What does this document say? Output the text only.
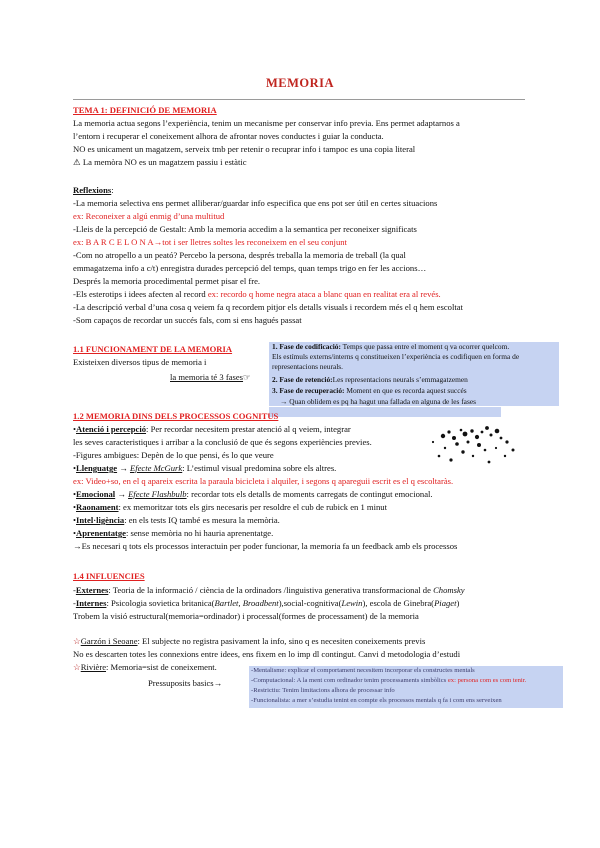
MEMORIA
TEMA 1: DEFINICIÓ DE MEMORIA
La memoria actua segons l’experiència, tenim un mecanisme per conservar info previa. Ens permet adaptarnos a
l’entorn i recuperar el coneixement alhora de afrontar noves conductes i guiar la conducta.
NO es unicament un magatzem, serveix tmb per retenir o recuprar info i tampoc es una copia literal
⚠ La memòra NO es un magatzem passiu i estàtic
Reflexions:
-La memoria selectiva ens permet alliberar/guardar info especifica que ens pot ser útil en certes situacions
ex: Reconeixer a algú enmig d’una multitud
-Lleis de la percepció de Gestalt: Amb la memoria accedim a la semantica per reconeixer significats
ex: B A R C E L O N A→tot i ser lletres soltes les reconeixem en el seu conjunt
-Com no atropello a un peató? Percebo la persona, després treballa la memoria de treball (la qual
emmagatzema info a c/t) enregistra durades percepció del temps, quan temps trigo en fer les accions…
Després la memoria procedimental permet pisar el fre.
-Els esterotips i idees afecten al record ex: recordo q home negra ataca a blanc quan en realitat era al revés.
-La descripció verbal d’una cosa q veiem fa q recordem pitjor els detalls visuals i recordem més el q hem escoltat
-Som capaços de recordar un succés fals, com si ens hagués passat
1.1 FUNCIONAMENT DE LA MEMORIA
Existeixen diversos tipus de memoria i
la memoria té 3 fases☞
1. Fase de codificació: Temps que passa entre el moment q va ocorrer quelcom.
Els estímuls externs/interns q constitueixen l’experiència es codifiquen en forma de
representacions neurals.
2. Fase de retenció:Les representacions neurals s’emmagatzemen
3. Fase de recuperació: Moment en que es recorda aquest succés
→ Quan oblidem es pq ha hagut una fallada en alguna de les fases
1.2 MEMORIA DINS DELS PROCESSOS COGNITUS
•Atenció i percepció: Per recordar necesitem prestar atenció al q veiem, integrar
les seves caracteristiques i arribar a la conclusió de que és segons experiències previes.
-Figures ambigues: Depèn de lo que pensi, és lo que veure
•Llenguatge → Efecte McGurk: L’estimul visual predomina sobre els altres.
ex: Video+so, en el q apareix escrita la paraula bicicleta i alquiler, i segons q apareguii escrit es el q escoltaràs.
•Emocional → Efecte Flashbulb: recordar tots els detalls de moments carregats de contingut emocional.
•Raonament: ex memoritzar tots els girs necesaris per resoldre el cub de rubick en 1 minut
•Intel·ligència: en els tests IQ també es mesura la memòria.
•Aprenentatge: sense memòria no hi hauria aprenentatge.
→Es necesari q tots els processos interactuin per poder funcionar, la memoria fa un feedback amb els processos
1.4 INFLUENCIES
-Externes: Teoria de la informació / ciència de la ordinadors /linguistiva generativa transformacional de Chomsky
-Internes: Psicologia sovietica britanica(Bartlet, Broadbent),social-cognitiva(Lewin), escola de Ginebra(Piaget)
Trobem la visió estructural(memoria=ordinador) i processal(formes de processament) de la memoria
☆Garzón i Seoane: El subjecte no registra pasivament la info, sino q es necesiten coneixements previs
No es descarten totes les connexions entre idees, ens fixem en lo imp dl contingut. Canvi d metodologia d’estudi
☆Rivière: Memoria=sist de coneixement.
Pressuposits basics→
-Mentalisme: explicar el comportament necesitem incorporar els constructes mentals
-Computacional: A la ment com ordinador tenim processaments simbòlics ex: persona com es com tenir.
-Restrictiu: Tenim limitacions alhora de processar info
-Funcionalista: a mer s’estudia tenint en compte els processos mentals q fa i com ens serveixen
